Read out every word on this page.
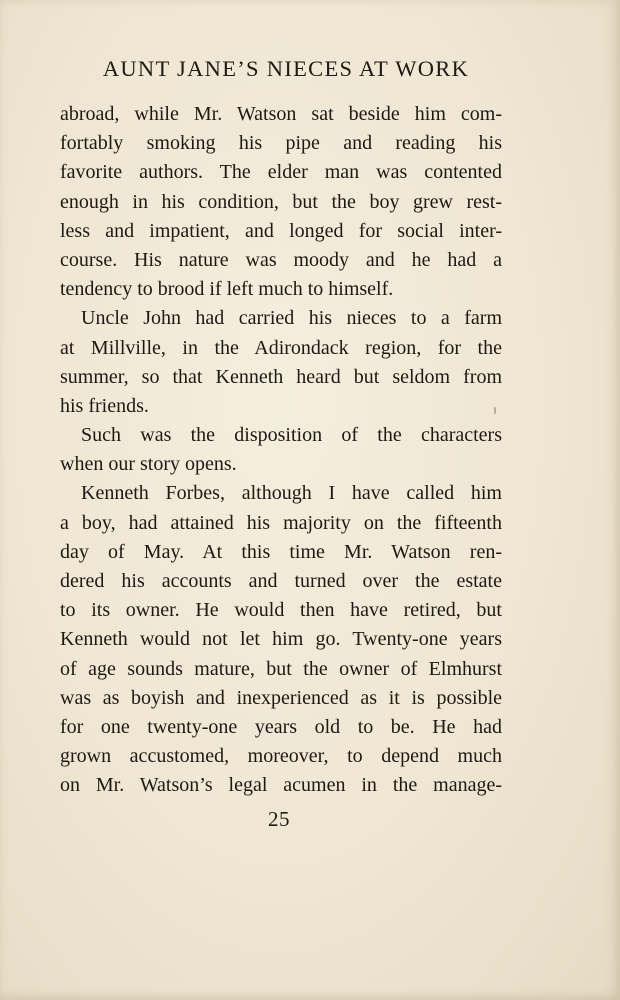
AUNT JANE’S NIECES AT WORK
abroad, while Mr. Watson sat beside him com-
fortably smoking his pipe and reading his
favorite authors. The elder man was contented
enough in his condition, but the boy grew rest-
less and impatient, and longed for social inter-
course. His nature was moody and he had a
tendency to brood if left much to himself.
Uncle John had carried his nieces to a farm
at Millville, in the Adirondack region, for the
summer, so that Kenneth heard but seldom from
his friends.
Such was the disposition of the characters
when our story opens.
Kenneth Forbes, although I have called him
a boy, had attained his majority on the fifteenth
day of May. At this time Mr. Watson ren-
dered his accounts and turned over the estate
to its owner. He would then have retired, but
Kenneth would not let him go. Twenty-one years
of age sounds mature, but the owner of Elmhurst
was as boyish and inexperienced as it is possible
for one twenty-one years old to be. He had
grown accustomed, moreover, to depend much
on Mr. Watson’s legal acumen in the manage-
25
